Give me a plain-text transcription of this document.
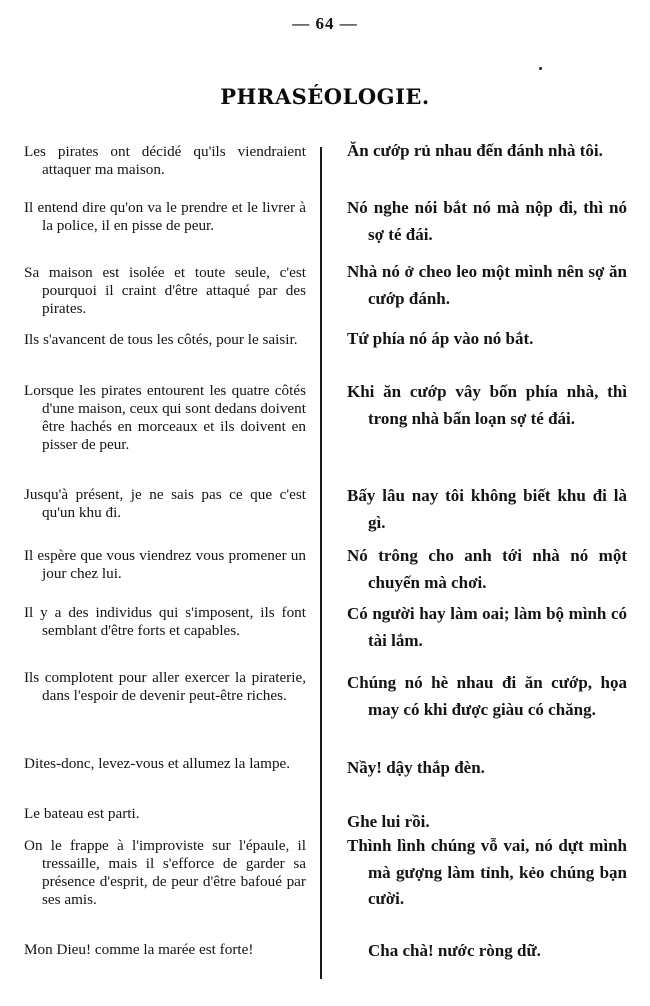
— 64 —
PHRASÉOLOGIE.
Les pirates ont décidé qu'ils viendraient attaquer ma maison.
Il entend dire qu'on va le prendre et le livrer à la police, il en pisse de peur.
Sa maison est isolée et toute seule, c'est pourquoi il craint d'être attaqué par des pirates.
Ils s'avancent de tous les côtés, pour le saisir.
Lorsque les pirates entourent les quatre côtés d'une maison, ceux qui sont dedans doivent être hachés en morceaux et ils doivent en pisser de peur.
Jusqu'à présent, je ne sais pas ce que c'est qu'un khu đi.
Il espère que vous viendrez vous promener un jour chez lui.
Il y a des individus qui s'imposent, ils font semblant d'être forts et capables.
Ils complotent pour aller exercer la piraterie, dans l'espoir de devenir peut-être riches.
Dites-donc, levez-vous et allumez la lampe.
Le bateau est parti.
On le frappe à l'improviste sur l'épaule, il tressaille, mais il s'efforce de garder sa présence d'esprit, de peur d'être bafoué par ses amis.
Mon Dieu! comme la marée est forte!
Ăn cướp rủ nhau đến đánh nhà tôi.
Nó nghe nói bắt nó mà nộp đi, thì nó sợ té đái.
Nhà nó ở cheo leo một mình nên sợ ăn cướp đánh.
Tứ phía nó áp vào nó bắt.
Khi ăn cướp vây bốn phía nhà, thì trong nhà bấn loạn sợ té đái.
Bấy lâu nay tôi không biết khu đi là gì.
Nó trông cho anh tới nhà nó một chuyến mà chơi.
Có người hay làm oai; làm bộ mình có tài lắm.
Chúng nó hè nhau đi ăn cướp, họa may có khi được giàu có chăng.
Nầy! dậy thắp đèn.
Ghe lui rồi.
Thình lình chúng vỗ vai, nó dựt mình mà gượng làm tỉnh, kẻo chúng bạn cười.
Cha chà! nước ròng dữ.
